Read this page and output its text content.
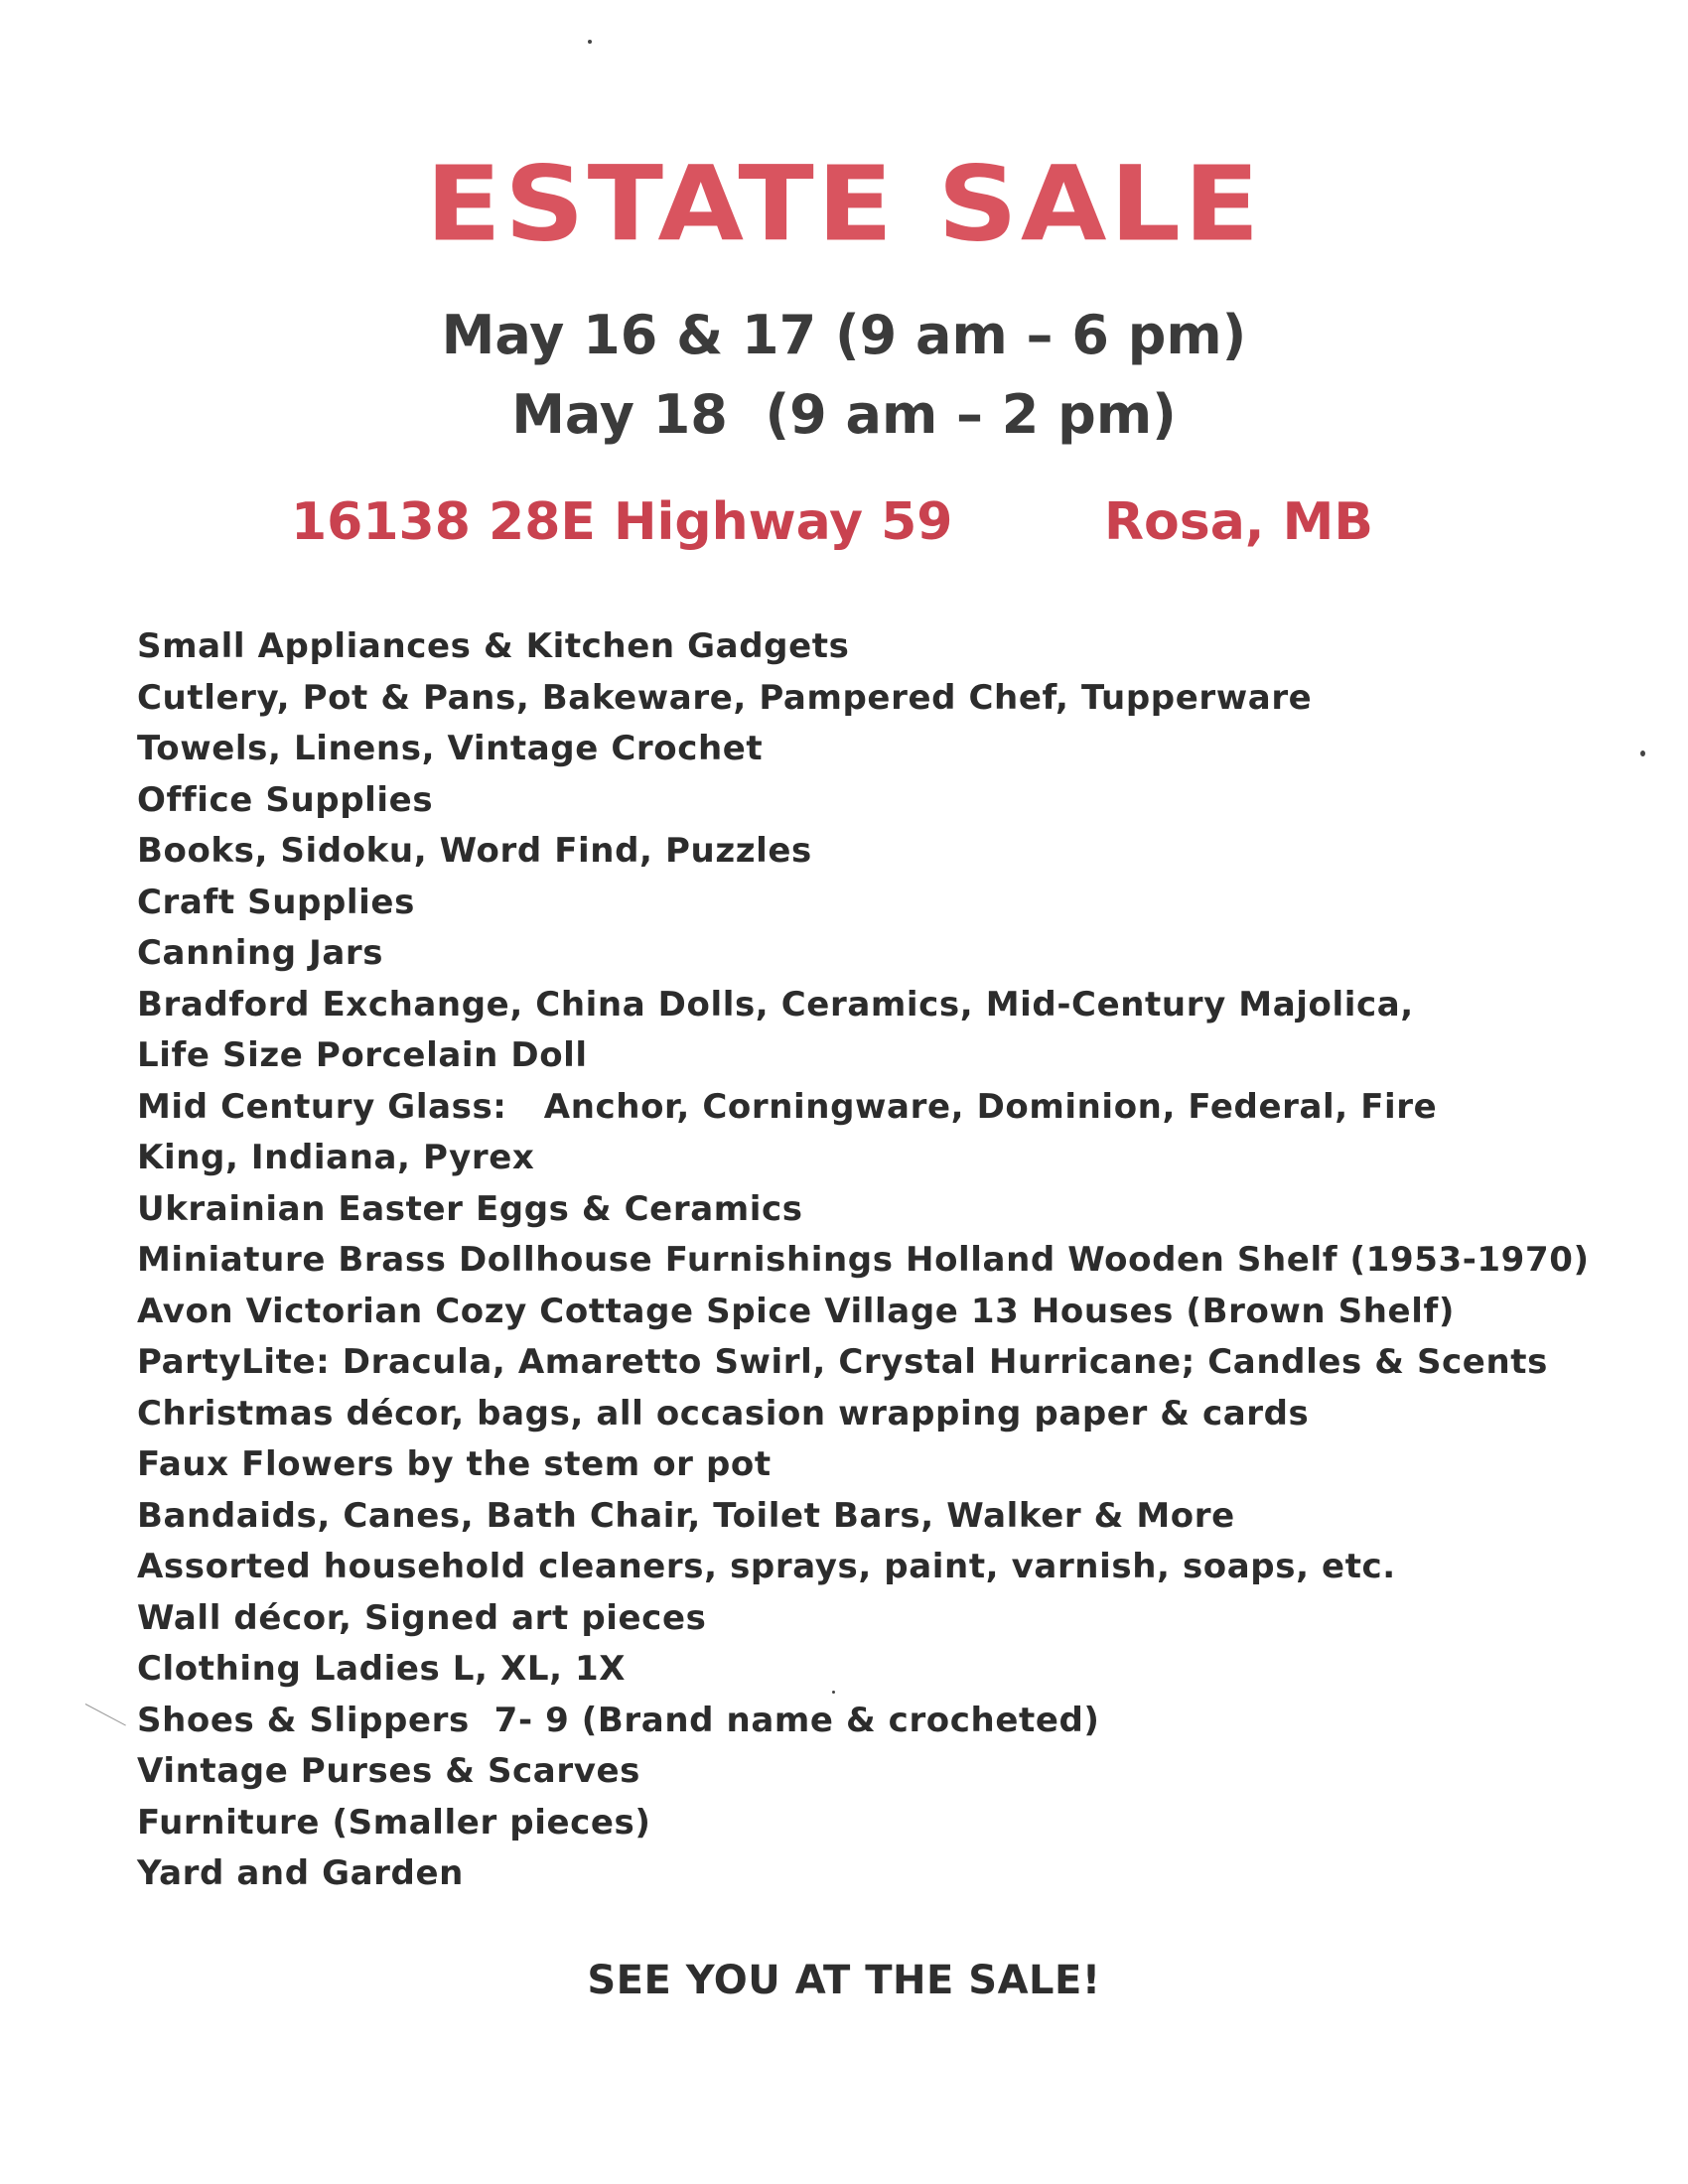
ESTATE SALE
May 16 & 17 (9 am – 6 pm)
May 18  (9 am – 2 pm)
16138 28E Highway 59	Rosa, MB
Small Appliances & Kitchen Gadgets
Cutlery, Pot & Pans, Bakeware, Pampered Chef, Tupperware
Towels, Linens, Vintage Crochet
Office Supplies
Books, Sidoku, Word Find, Puzzles
Craft Supplies
Canning Jars
Bradford Exchange, China Dolls, Ceramics, Mid-Century Majolica,
Life Size Porcelain Doll
Mid Century Glass:   Anchor, Corningware, Dominion, Federal, Fire
King, Indiana, Pyrex
Ukrainian Easter Eggs & Ceramics
Miniature Brass Dollhouse Furnishings Holland Wooden Shelf (1953-1970)
Avon Victorian Cozy Cottage Spice Village 13 Houses (Brown Shelf)
PartyLite: Dracula, Amaretto Swirl, Crystal Hurricane; Candles & Scents
Christmas décor, bags, all occasion wrapping paper & cards
Faux Flowers by the stem or pot
Bandaids, Canes, Bath Chair, Toilet Bars, Walker & More
Assorted household cleaners, sprays, paint, varnish, soaps, etc.
Wall décor, Signed art pieces
Clothing Ladies L, XL, 1X
Shoes & Slippers  7- 9 (Brand name & crocheted)
Vintage Purses & Scarves
Furniture (Smaller pieces)
Yard and Garden
SEE YOU AT THE SALE!
